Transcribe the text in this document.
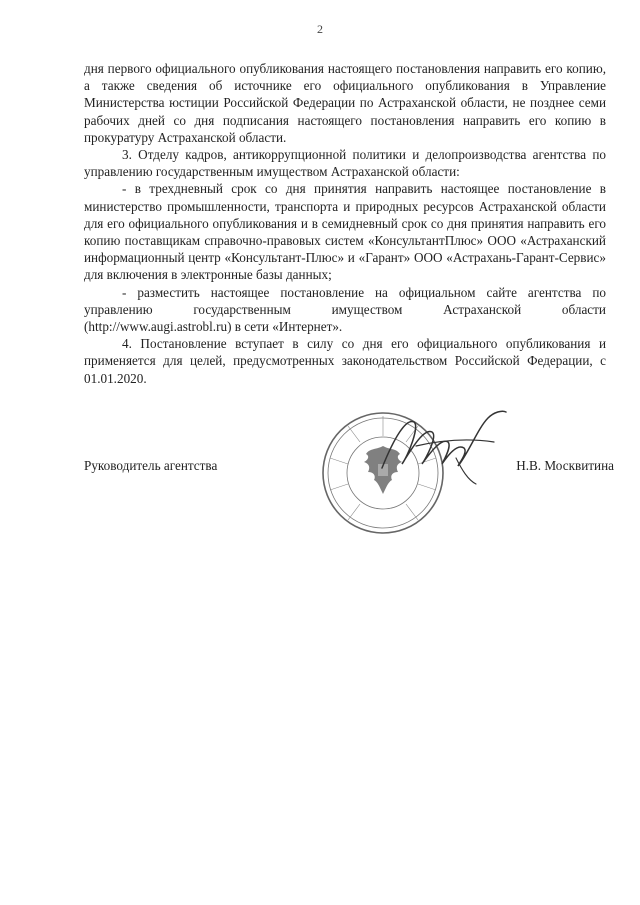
2

дня первого официального опубликования настоящего постановления направить его копию, а также сведения об источнике его официального опубликования в Управление Министерства юстиции Российской Федерации по Астраханской области, не позднее семи рабочих дней со дня подписания настоящего постановления направить его копию в прокуратуру Астраханской области.

3. Отделу кадров, антикоррупционной политики и делопроизводства агентства по управлению государственным имуществом Астраханской области:

- в трехдневный срок со дня принятия направить настоящее постановление в министерство промышленности, транспорта и природных ресурсов Астраханской области для его официального опубликования и в семидневный срок со дня принятия направить его копию поставщикам справочно-правовых систем «КонсультантПлюс» ООО «Астраханский информационный центр «Консультант-Плюс» и «Гарант» ООО «Астрахань-Гарант-Сервис» для включения в электронные базы данных;

- разместить настоящее постановление на официальном сайте агентства по управлению государственным имуществом Астраханской области (http://www.augi.astrobl.ru) в сети «Интернет».

4. Постановление вступает в силу со дня его официального опубликования и применяется для целей, предусмотренных законодательством Российской Федерации, с 01.01.2020.

Руководитель агентства	Н.В. Москвитина
